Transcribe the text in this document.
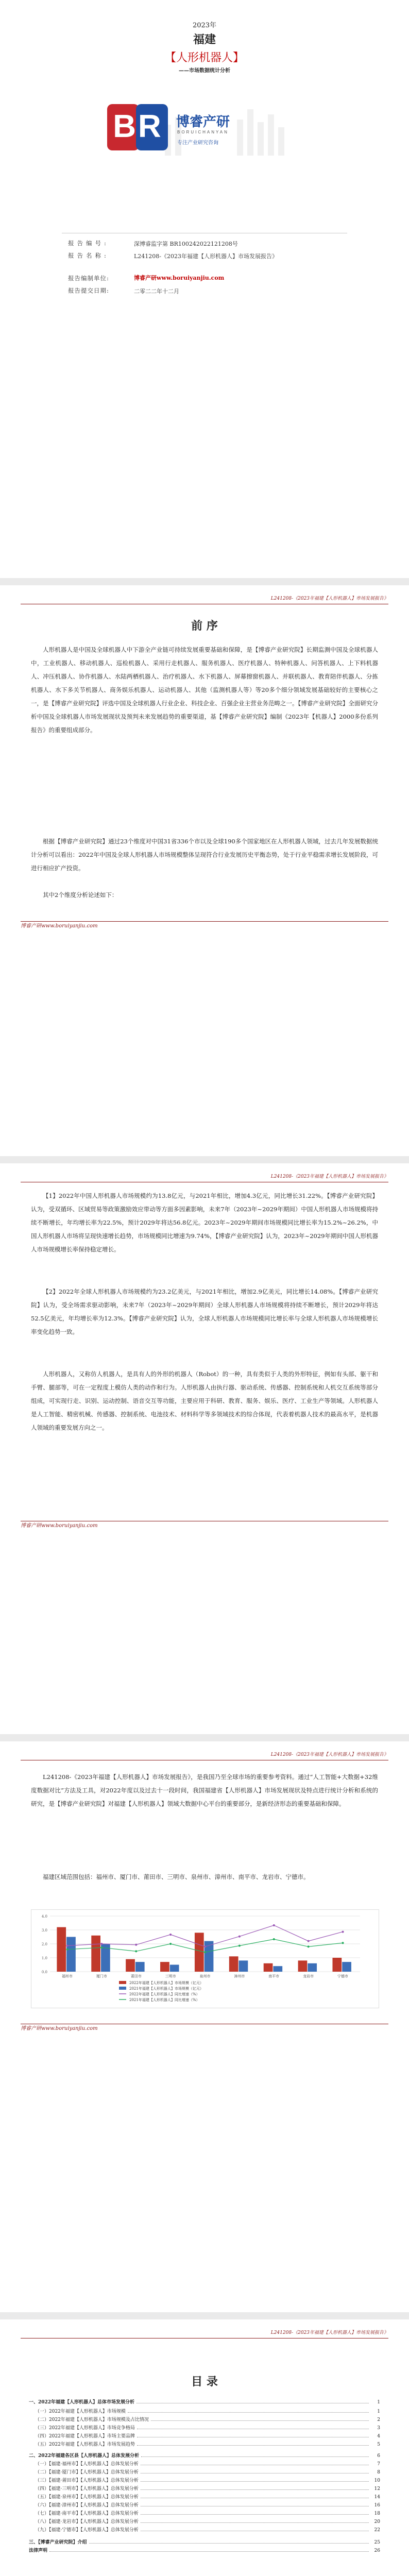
2023年
福建
【人形机器人】
——市场数据统计分析
BR 博睿产研
BORUICHANYAN
专注产业研究咨询
报告编号:	深博睿监字第 BR10024202212120​8号
报告名称:	L241208-《2023年福建【人形机器人】市场发展报告》
报告编制单位:	博睿产研www.boruiyanjiu.com
报告提交日期:	二零二二年十二月
L241208-《2023年福建【人形机器人】市场发展报告》
前 序
人形机器人是中国及全球机器人中下游全产业链可持续发展重要基础和保障，是【博睿产业研究院】长期监测中国及全球机器人中，工业机器人、移动机器人、巡检机器人、采用行走机器人、服务机器人、医疗机器人、特种机器人、问答机器人、上下料机器人、冲压机器人、协作机器人、水陆两栖机器人、治疗机器人、水下机器人、屏幕擦窗机器人、并联机器人、教育陪伴机器人、分拣机器人、水下多关节机器人、商务娱乐机器人、运动机器人、其他（监测机器人等）等20多个细分领域发展基础较好的主要核心之一，是【博睿产业研究院】评选中国及全球机器人行业企业、科技企业、百强企业主营业务范畴之一。【博睿产业研究院】全面研究分析中国及全球机器人市场发展现状及预判未来发展趋势的重要渠道，基【博睿产业研究院】编制《2023年【机器人】2000多份系列报告》的重要组成部分。
根据【博睿产业研究院】通过23个维度对中国31省336个市以及全球190多个国家地区在人形机器人领域，过去几年发展数据统计分析可以看出：2022年中国及全球人形机器人市场规模整体呈现符合行业发展历史平衡态势，处于行业平稳需求增长发展阶段，可进行相应扩产投资。
其中2个维度分析论述如下：
博睿产研www.boruiyanjiu.com
L241208-《2023年福建【人形机器人】市场发展报告》
【1】2022年中国人形机器人市场规模约为13.8亿元，与2021年相比，增加4.3亿元，同比增长31.22%。【博睿产业研究院】认为，受双循环、区域贸易等政策激励效应带动等方面多因素影响，未来7年（2023年~2029年期间）中国人形机器人市场规模将持续不断增长，年均增长率为22.5%，预计2029年将达56.8亿元。2023年~2029年期间市场规模同比增长率为15.2%~26.2%，中国人形机器人市场将呈现快速增长趋势，市场规模同比增速为9.74%，【博睿产业研究院】认为，2023年~2029年期间中国人形机器人市场规模增长率保持稳定增长。
【2】2022年全球人形机器人市场规模约为23.2亿美元，与2021年相比，增加2.9亿美元，同比增长14.08%。【博睿产业研究院】认为，受全场需求驱动影响，未来7年（2023年~2029年期间）全球人形机器人市场规模将持续不断增长，预计2029年将达52.5亿美元，年均增长率为12.3%。【博睿产业研究院】认为，全球人形机器人市场规模同比增长率与全球人形机器人市场规模增长率变化趋势一致。
人形机器人，又称仿人机器人，是具有人的外形的机器人（Robot）的一种，具有类似于人类的外形特征，例如有头部、躯干和手臂、腿部等，可在一定程度上模仿人类的动作和行为。人形机器人由执行器、驱动系统、传感器、控制系统和人机交互系统等部分组成，可实现行走、识别、运动控制、语音交互等功能，主要应用于科研、教育、服务、娱乐、医疗、工业生产等领域。人形机器人是人工智能、精密机械、传感器、控制系统、电池技术、材料科学等多领域技术的综合体现，代表着机器人技术的最高水平，是机器人领域的重要发展方向之一。
博睿产研www.boruiyanjiu.com
L241208-《2023年福建【人形机器人】市场发展报告》
L241208-《2023年福建【人形机器人】市场发展报告》，是我国乃至全球市场的重要参考资料。通过“人工智能+大数据+32维度数据对比”方法及工具，对2022年度以及过去十一段时间，我国福建省【人形机器人】市场发展现状及特点进行统计分析和系统的研究，是【博睿产业研究院】对福建【人形机器人】领域大数据中心平台的重要部分，是新经济形态的重要基础和保障。
福建区域范围包括：福州市、厦门市、莆田市、三明市、泉州市、漳州市、南平市、龙岩市、宁德市。
0.0
1.0
2.0
3.0
4.0
福州市	厦门市	莆田市	三明市	泉州市	漳州市	南平市	龙岩市	宁德市
2022年福建【人形机器人】市场规模（亿元）
2021年福建【人形机器人】市场规模（亿元）
2022年福建【人形机器人】同比增速（%）
2021年福建【人形机器人】同比增速（%）
博睿产研www.boruiyanjiu.com
L241208-《2023年福建【人形机器人】市场发展报告》
目 录
一、2022年福建【人形机器人】总体市场发展分析	1
（一）2022年福建【人形机器人】市场规模	1
（二）2022年福建【人形机器人】市场规模及占比情况	2
（三）2022年福建【人形机器人】市场竞争格局	3
（四）2022年福建【人形机器人】市场主要品牌	4
（五）2022年福建【人形机器人】市场发展趋势	5
二、2022年福建各区县【人形机器人】总体发展分析	6
（一）【福建·福州市】【人形机器人】总体发展分析	7
（二）【福建·厦门市】【人形机器人】总体发展分析	8
（三）【福建·莆田市】【人形机器人】总体发展分析	10
（四）【福建·三明市】【人形机器人】总体发展分析	12
（五）【福建·泉州市】【人形机器人】总体发展分析	14
（六）【福建·漳州市】【人形机器人】总体发展分析	16
（七）【福建·南平市】【人形机器人】总体发展分析	18
（八）【福建·龙岩市】【人形机器人】总体发展分析	20
（九）【福建·宁德市】【人形机器人】总体发展分析	22
三、【博睿产业研究院】介绍	25
法律声明	26
